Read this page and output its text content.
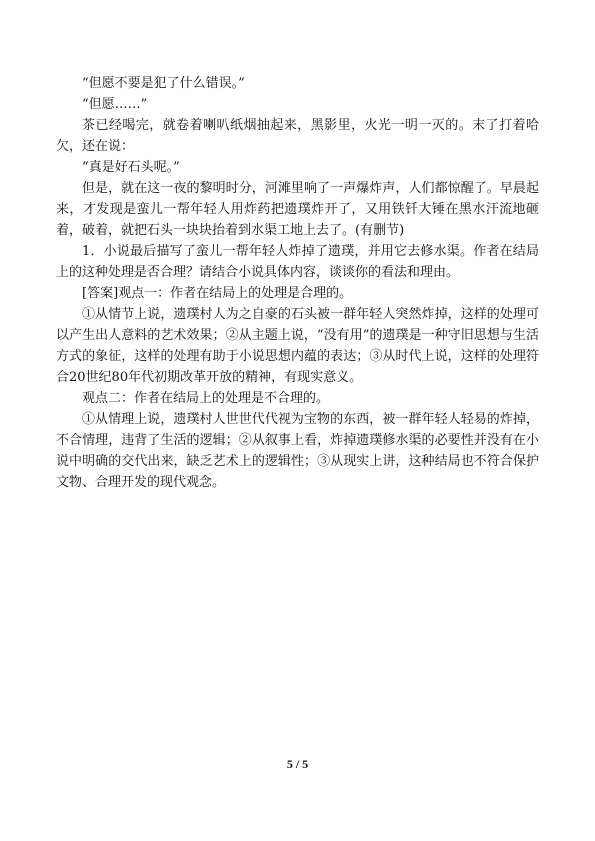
“但愿不要是犯了什么错误。”

“但愿……”

茶已经喝完，就卷着喇叭纸烟抽起来，黑影里，火光一明一灭的。末了打着哈欠，还在说：

“真是好石头呢。”

但是，就在这一夜的黎明时分，河滩里响了一声爆炸声，人们都惊醒了。早晨起来，才发现是蛮儿一帮年轻人用炸药把遗璞炸开了，又用铁钎大锤在黑水汗流地砸着，破着，就把石头一块块抬着到水渠工地上去了。(有删节)

1．小说最后描写了蛮儿一帮年轻人炸掉了遗璞，并用它去修水渠。作者在结局上的这种处理是否合理？请结合小说具体内容，谈谈你的看法和理由。

[答案]观点一：作者在结局上的处理是合理的。

①从情节上说，遗璞村人为之自豪的石头被一群年轻人突然炸掉，这样的处理可以产生出人意料的艺术效果；②从主题上说，“没有用”的遗璞是一种守旧思想与生活方式的象征，这样的处理有助于小说思想内蕴的表达；③从时代上说，这样的处理符合20世纪80年代初期改革开放的精神，有现实意义。

观点二：作者在结局上的处理是不合理的。

①从情理上说，遗璞村人世世代代视为宝物的东西，被一群年轻人轻易的炸掉，不合情理，违背了生活的逻辑；②从叙事上看，炸掉遗璞修水渠的必要性并没有在小说中明确的交代出来，缺乏艺术上的逻辑性；③从现实上讲，这种结局也不符合保护文物、合理开发的现代观念。

5 / 5
